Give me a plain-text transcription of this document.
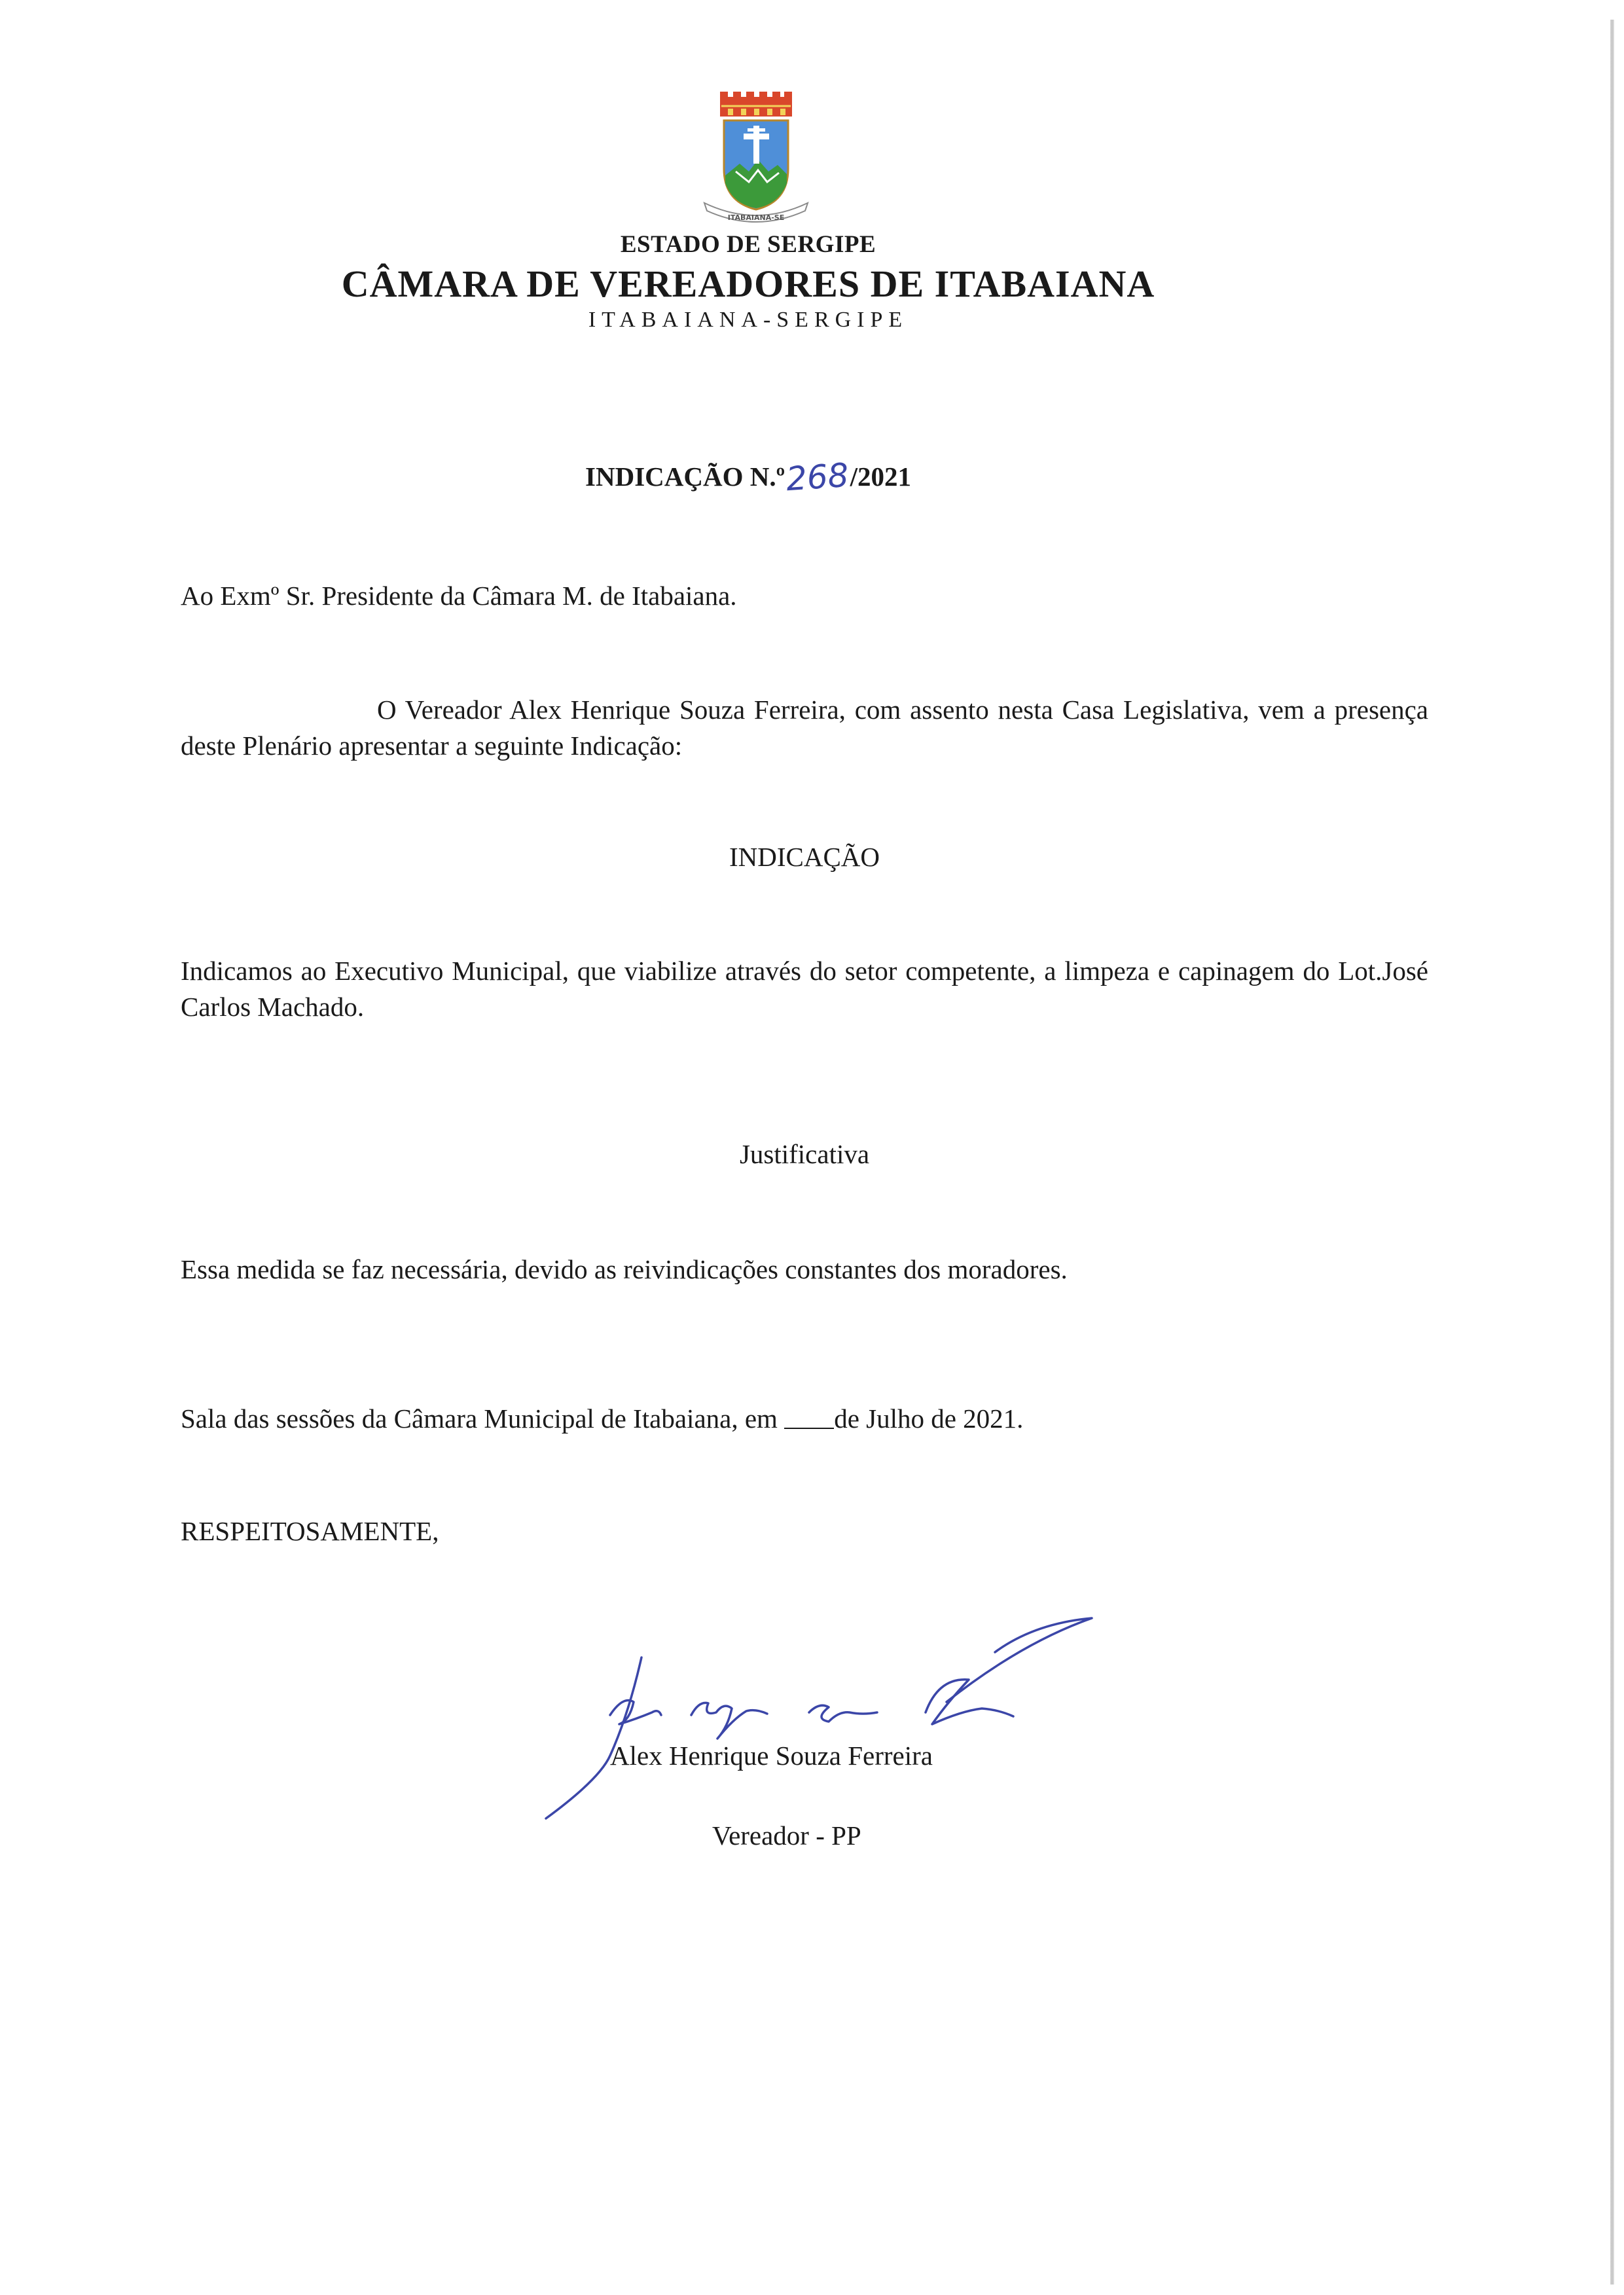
ITABAIANA-SE
ESTADO DE SERGIPE
CÂMARA DE VEREADORES DE ITABAIANA
ITABAIANA-SERGIPE
INDICAÇÃO N.º268/2021
Ao Exmº Sr. Presidente da Câmara M. de Itabaiana.
O Vereador Alex Henrique Souza Ferreira, com assento nesta Casa Legislativa, vem a presença deste Plenário apresentar a seguinte Indicação:
INDICAÇÃO
Indicamos ao Executivo Municipal, que viabilize através do setor competente, a limpeza e capinagem do Lot.José Carlos Machado.
Justificativa
Essa medida se faz necessária, devido as reivindicações constantes dos moradores.
Sala das sessões da Câmara Municipal de Itabaiana, em de Julho de 2021.
RESPEITOSAMENTE,
Alex Henrique Souza Ferreira
Vereador - PP
